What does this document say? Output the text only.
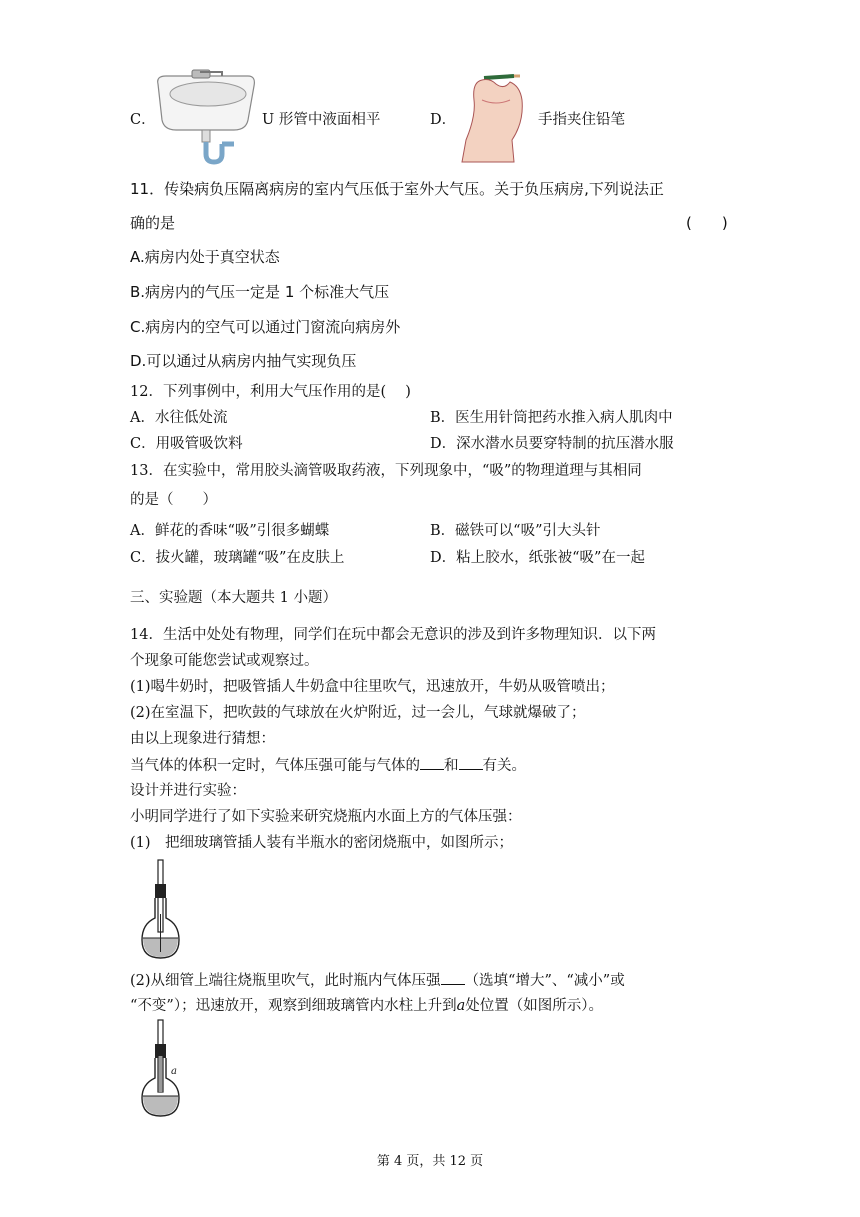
C．	U 形管中液面相平	D．	手指夹住铅笔
11．传染病负压隔离病房的室内气压低于室外大气压。关于负压病房,下列说法正
确的是	(　　)
A.病房内处于真空状态
B.病房内的气压一定是 1 个标准大气压
C.病房内的空气可以通过门窗流向病房外
D.可以通过从病房内抽气实现负压
12．下列事例中，利用大气压作用的是(　 )
A．水往低处流	B．医生用针筒把药水推入病人肌肉中
C．用吸管吸饮料	D．深水潜水员要穿特制的抗压潜水服
13．在实验中，常用胶头滴管吸取药液，下列现象中，“吸”的物理道理与其相同
的是（　　）
A．鲜花的香味“吸”引很多蝴蝶	B．磁铁可以“吸”引大头针
C．拔火罐，玻璃罐“吸”在皮肤上	D．粘上胶水，纸张被“吸”在一起
三、实验题（本大题共 1 小题）
14．生活中处处有物理，同学们在玩中都会无意识的涉及到许多物理知识．以下两
个现象可能您尝试或观察过。
(1)喝牛奶时，把吸管插人牛奶盒中往里吹气，迅速放开，牛奶从吸管喷出；
(2)在室温下，把吹鼓的气球放在火炉附近，过一会儿，气球就爆破了；
由以上现象进行猜想：
当气体的体积一定时，气体压强可能与气体的 和 有关。
设计并进行实验：
小明同学进行了如下实验来研究烧瓶内水面上方的气体压强：
(1)　把细玻璃管插人装有半瓶水的密闭烧瓶中，如图所示；
(2)从细管上端往烧瓶里吹气，此时瓶内气体压强 （选填“增大”、“减小”或
“不变”）；迅速放开，观察到细玻璃管内水柱上升到a处位置（如图所示）。
a
第 4 页，共 12 页
